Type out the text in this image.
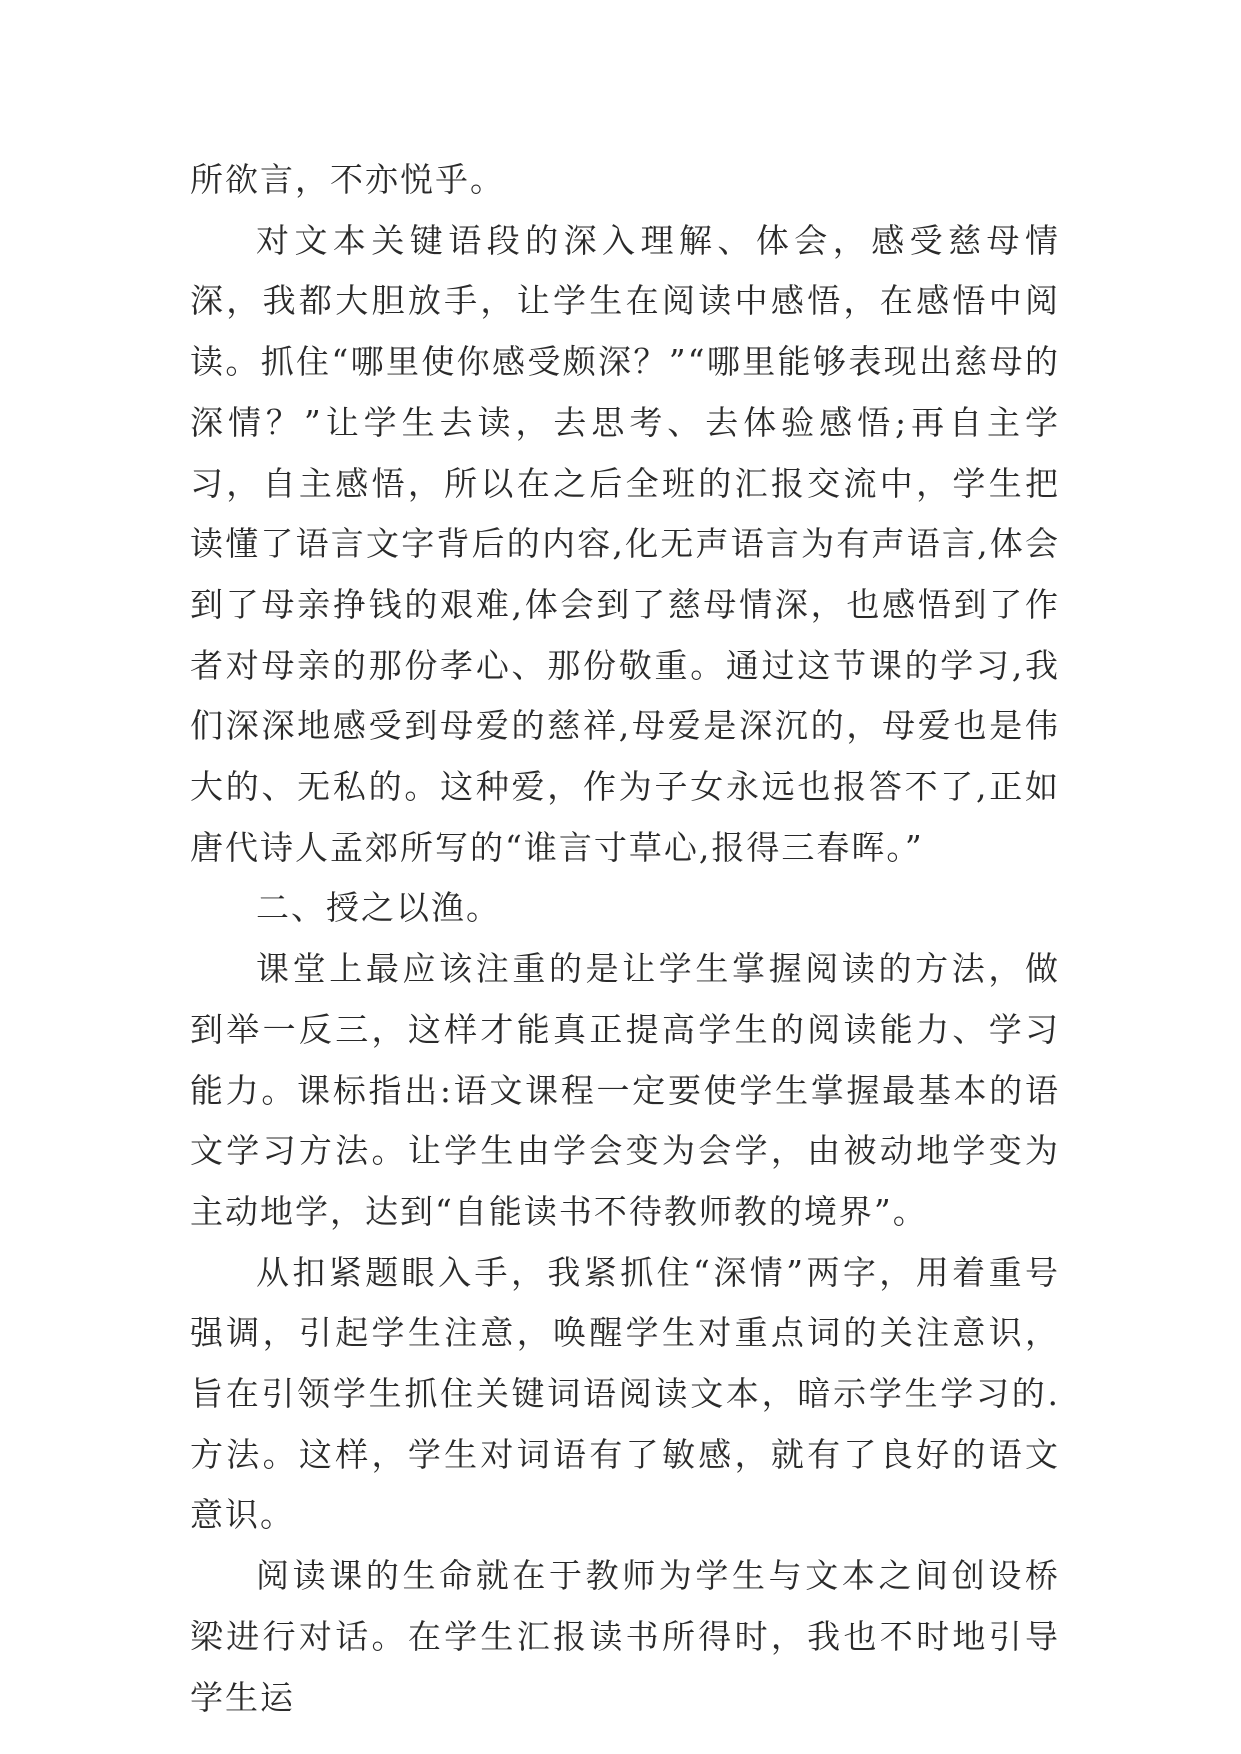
所欲言，不亦悦乎。

对文本关键语段的深入理解、体会，感受慈母情深，我都大胆放手，让学生在阅读中感悟，在感悟中阅读。抓住“哪里使你感受颇深？”“哪里能够表现出慈母的深情？”让学生去读，去思考、去体验感悟;再自主学习，自主感悟，所以在之后全班的汇报交流中，学生把读懂了语言文字背后的内容,化无声语言为有声语言,体会到了母亲挣钱的艰难,体会到了慈母情深，也感悟到了作者对母亲的那份孝心、那份敬重。通过这节课的学习,我们深深地感受到母爱的慈祥,母爱是深沉的，母爱也是伟大的、无私的。这种爱，作为子女永远也报答不了,正如唐代诗人孟郊所写的“谁言寸草心,报得三春晖。”

二、授之以渔。

课堂上最应该注重的是让学生掌握阅读的方法，做到举一反三，这样才能真正提高学生的阅读能力、学习能力。课标指出:语文课程一定要使学生掌握最基本的语文学习方法。让学生由学会变为会学，由被动地学变为主动地学，达到“自能读书不待教师教的境界”。

从扣紧题眼入手，我紧抓住“深情”两字，用着重号强调，引起学生注意，唤醒学生对重点词的关注意识，旨在引领学生抓住关键词语阅读文本，暗示学生学习的.方法。这样，学生对词语有了敏感，就有了良好的语文意识。

阅读课的生命就在于教师为学生与文本之间创设桥梁进行对话。在学生汇报读书所得时，我也不时地引导学生运
